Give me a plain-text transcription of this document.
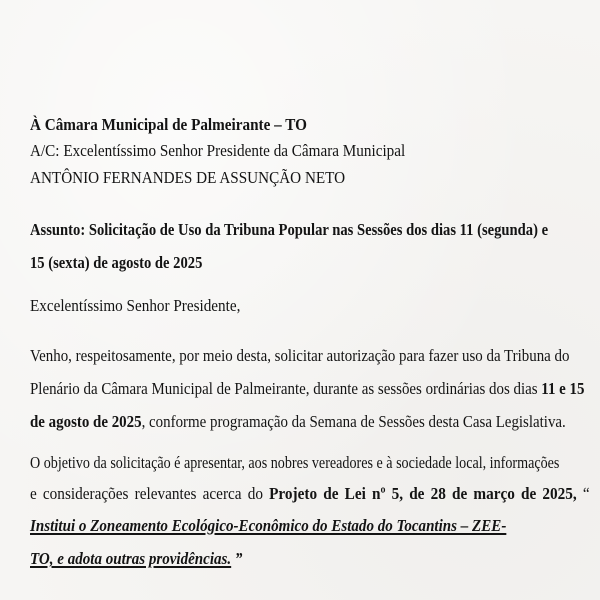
À Câmara Municipal de Palmeirante – TO
A/C: Excelentíssimo Senhor Presidente da Câmara Municipal
ANTÔNIO FERNANDES DE ASSUNÇÃO NETO
Assunto: Solicitação de Uso da Tribuna Popular nas Sessões dos dias 11 (segunda) e
15 (sexta) de agosto de 2025
Excelentíssimo Senhor Presidente,
Venho, respeitosamente, por meio desta, solicitar autorização para fazer uso da Tribuna do
Plenário da Câmara Municipal de Palmeirante, durante as sessões ordinárias dos dias 11 e 15
de agosto de 2025, conforme programação da Semana de Sessões desta Casa Legislativa.
O objetivo da solicitação é apresentar, aos nobres vereadores e à sociedade local, informações
e considerações relevantes acerca do Projeto de Lei nº 5, de 28 de março de 2025, “
Institui o Zoneamento Ecológico-Econômico do Estado do Tocantins – ZEE-
TO, e adota outras providências. ”
